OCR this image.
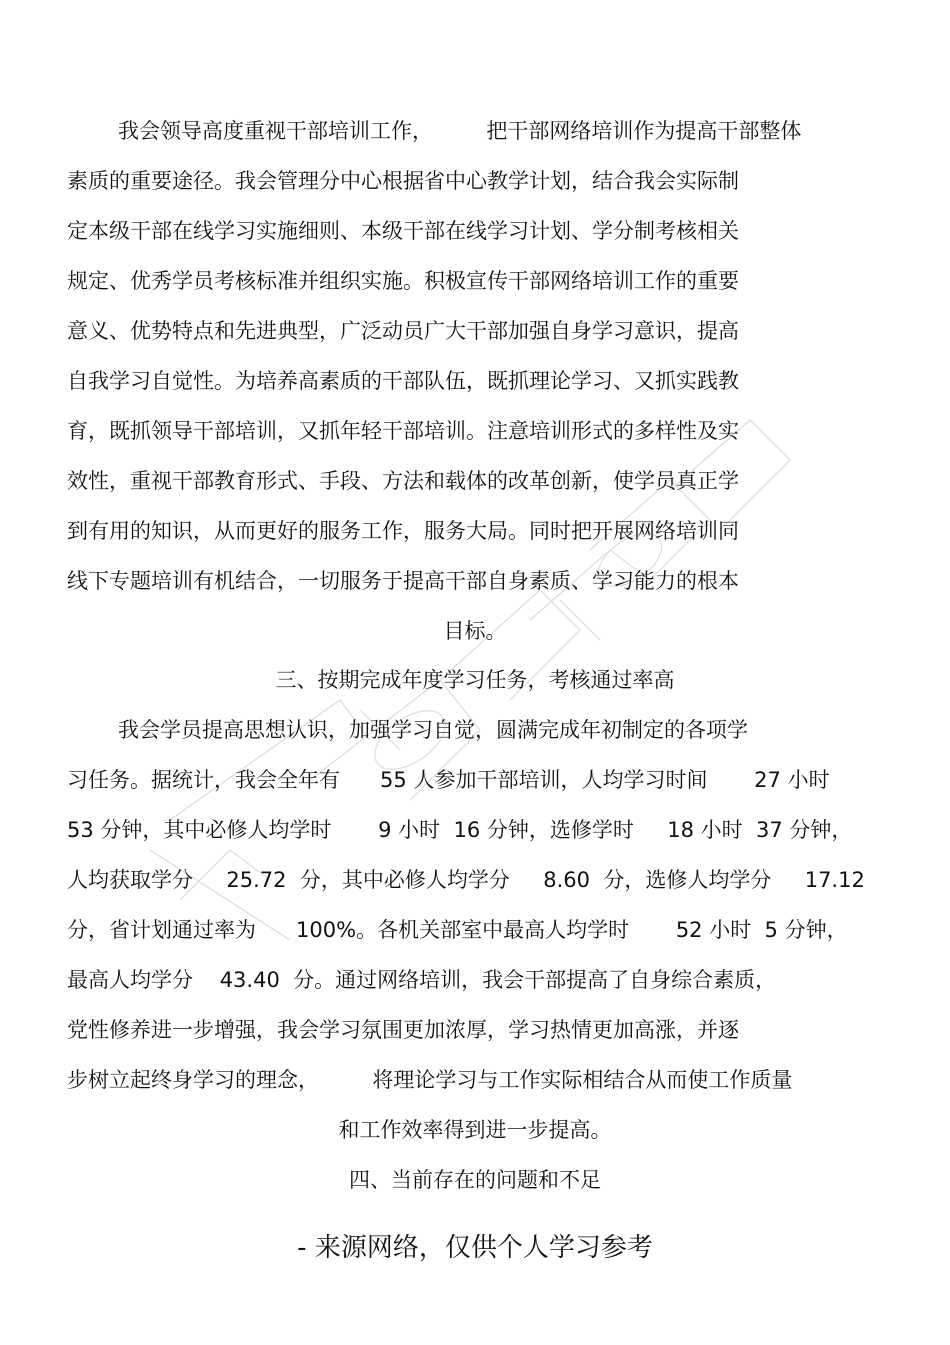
我会领导高度重视干部培训工作，        把干部网络培训作为提高干部整体

素质的重要途径。我会管理分中心根据省中心教学计划，结合我会实际制

定本级干部在线学习实施细则、本级干部在线学习计划、学分制考核相关

规定、优秀学员考核标准并组织实施。积极宣传干部网络培训工作的重要

意义、优势特点和先进典型，广泛动员广大干部加强自身学习意识，提高

自我学习自觉性。为培养高素质的干部队伍，既抓理论学习、又抓实践教

育，既抓领导干部培训，又抓年轻干部培训。注意培训形式的多样性及实

效性，重视干部教育形式、手段、方法和载体的改革创新，使学员真正学

到有用的知识，从而更好的服务工作，服务大局。同时把开展网络培训同

线下专题培训有机结合，一切服务于提高干部自身素质、学习能力的根本

目标。

三、按期完成年度学习任务，考核通过率高

我会学员提高思想认识，加强学习自觉，圆满完成年初制定的各项学

习任务。据统计，我会全年有      55 人参加干部培训，人均学习时间       27 小时

53 分钟，其中必修人均学时       9 小时  16 分钟，选修学时     18 小时  37 分钟，

人均获取学分     25.72  分，其中必修人均学分     8.60  分，选修人均学分     17.12

分，省计划通过率为      100%。各机关部室中最高人均学时       52 小时  5 分钟，

最高人均学分    43.40  分。通过网络培训，我会干部提高了自身综合素质，

党性修养进一步增强，我会学习氛围更加浓厚，学习热情更加高涨，并逐

步树立起终身学习的理念，        将理论学习与工作实际相结合从而使工作质量

和工作效率得到进一步提高。

四、当前存在的问题和不足

- 来源网络，仅供个人学习参考
